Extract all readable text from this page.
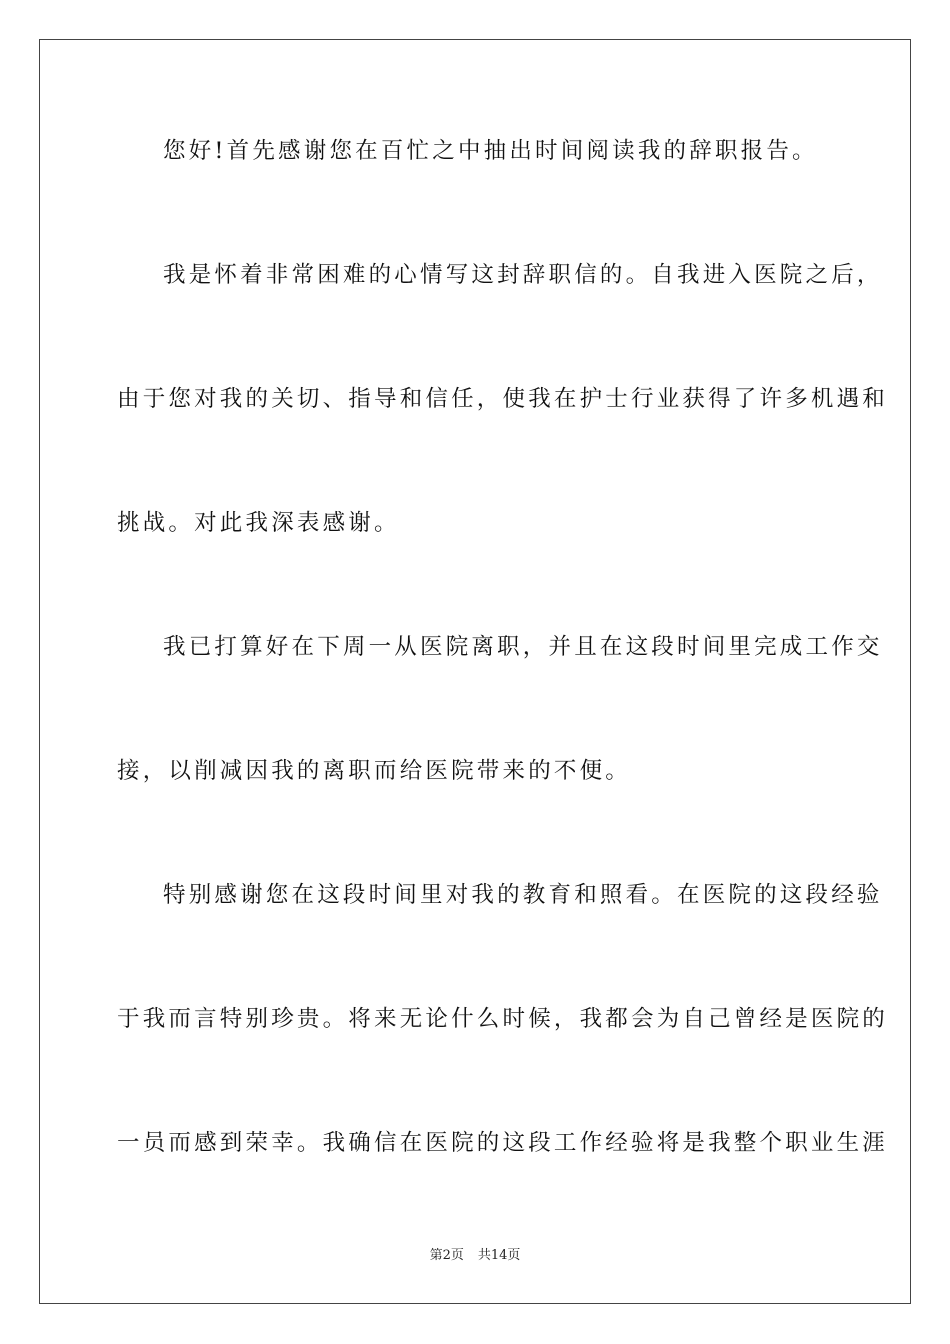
您好!首先感谢您在百忙之中抽出时间阅读我的辞职报告。
我是怀着非常困难的心情写这封辞职信的。自我进入医院之后，
由于您对我的关切、指导和信任，使我在护士行业获得了许多机遇和
挑战。对此我深表感谢。
我已打算好在下周一从医院离职，并且在这段时间里完成工作交
接，以削减因我的离职而给医院带来的不便。
特别感谢您在这段时间里对我的教育和照看。在医院的这段经验
于我而言特别珍贵。将来无论什么时候，我都会为自己曾经是医院的
一员而感到荣幸。我确信在医院的这段工作经验将是我整个职业生涯
第2页 共14页
